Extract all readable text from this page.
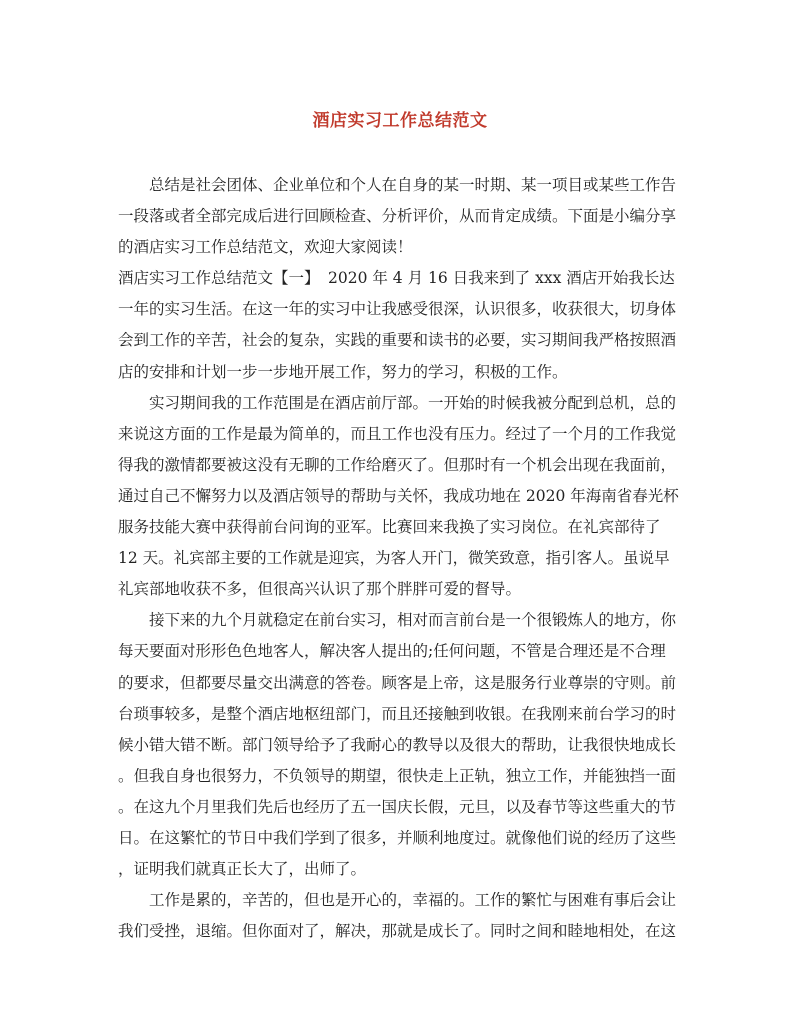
酒店实习工作总结范文

总结是社会团体、企业单位和个人在自身的某一时期、某一项目或某些工作告

一段落或者全部完成后进行回顾检查、分析评价，从而肯定成绩。下面是小编分享

的酒店实习工作总结范文，欢迎大家阅读！

酒店实习工作总结范文【一】 2020 年 4 月 16 日我来到了 xxx 酒店开始我长达

一年的实习生活。在这一年的实习中让我感受很深，认识很多，收获很大，切身体

会到工作的辛苦，社会的复杂，实践的重要和读书的必要，实习期间我严格按照酒

店的安排和计划一步一步地开展工作，努力的学习，积极的工作。

实习期间我的工作范围是在酒店前厅部。一开始的时候我被分配到总机，总的

来说这方面的工作是最为简单的，而且工作也没有压力。经过了一个月的工作我觉

得我的激情都要被这没有无聊的工作给磨灭了。但那时有一个机会出现在我面前，

通过自己不懈努力以及酒店领导的帮助与关怀，我成功地在 2020 年海南省春光杯

服务技能大赛中获得前台问询的亚军。比赛回来我换了实习岗位。在礼宾部待了

12 天。礼宾部主要的工作就是迎宾，为客人开门，微笑致意，指引客人。虽说早

礼宾部地收获不多，但很高兴认识了那个胖胖可爱的督导。

接下来的九个月就稳定在前台实习，相对而言前台是一个很锻炼人的地方，你

每天要面对形形色色地客人，解决客人提出的;任何问题，不管是合理还是不合理

的要求，但都要尽量交出满意的答卷。顾客是上帝，这是服务行业尊崇的守则。前

台琐事较多，是整个酒店地枢纽部门，而且还接触到收银。在我刚来前台学习的时

候小错大错不断。部门领导给予了我耐心的教导以及很大的帮助，让我很快地成长

。但我自身也很努力，不负领导的期望，很快走上正轨，独立工作，并能独挡一面

。在这九个月里我们先后也经历了五一国庆长假，元旦，以及春节等这些重大的节

日。在这繁忙的节日中我们学到了很多，并顺利地度过。就像他们说的经历了这些

，证明我们就真正长大了，出师了。

工作是累的，辛苦的，但也是开心的，幸福的。工作的繁忙与困难有事后会让

我们受挫，退缩。但你面对了，解决，那就是成长了。同时之间和睦地相处，在这
